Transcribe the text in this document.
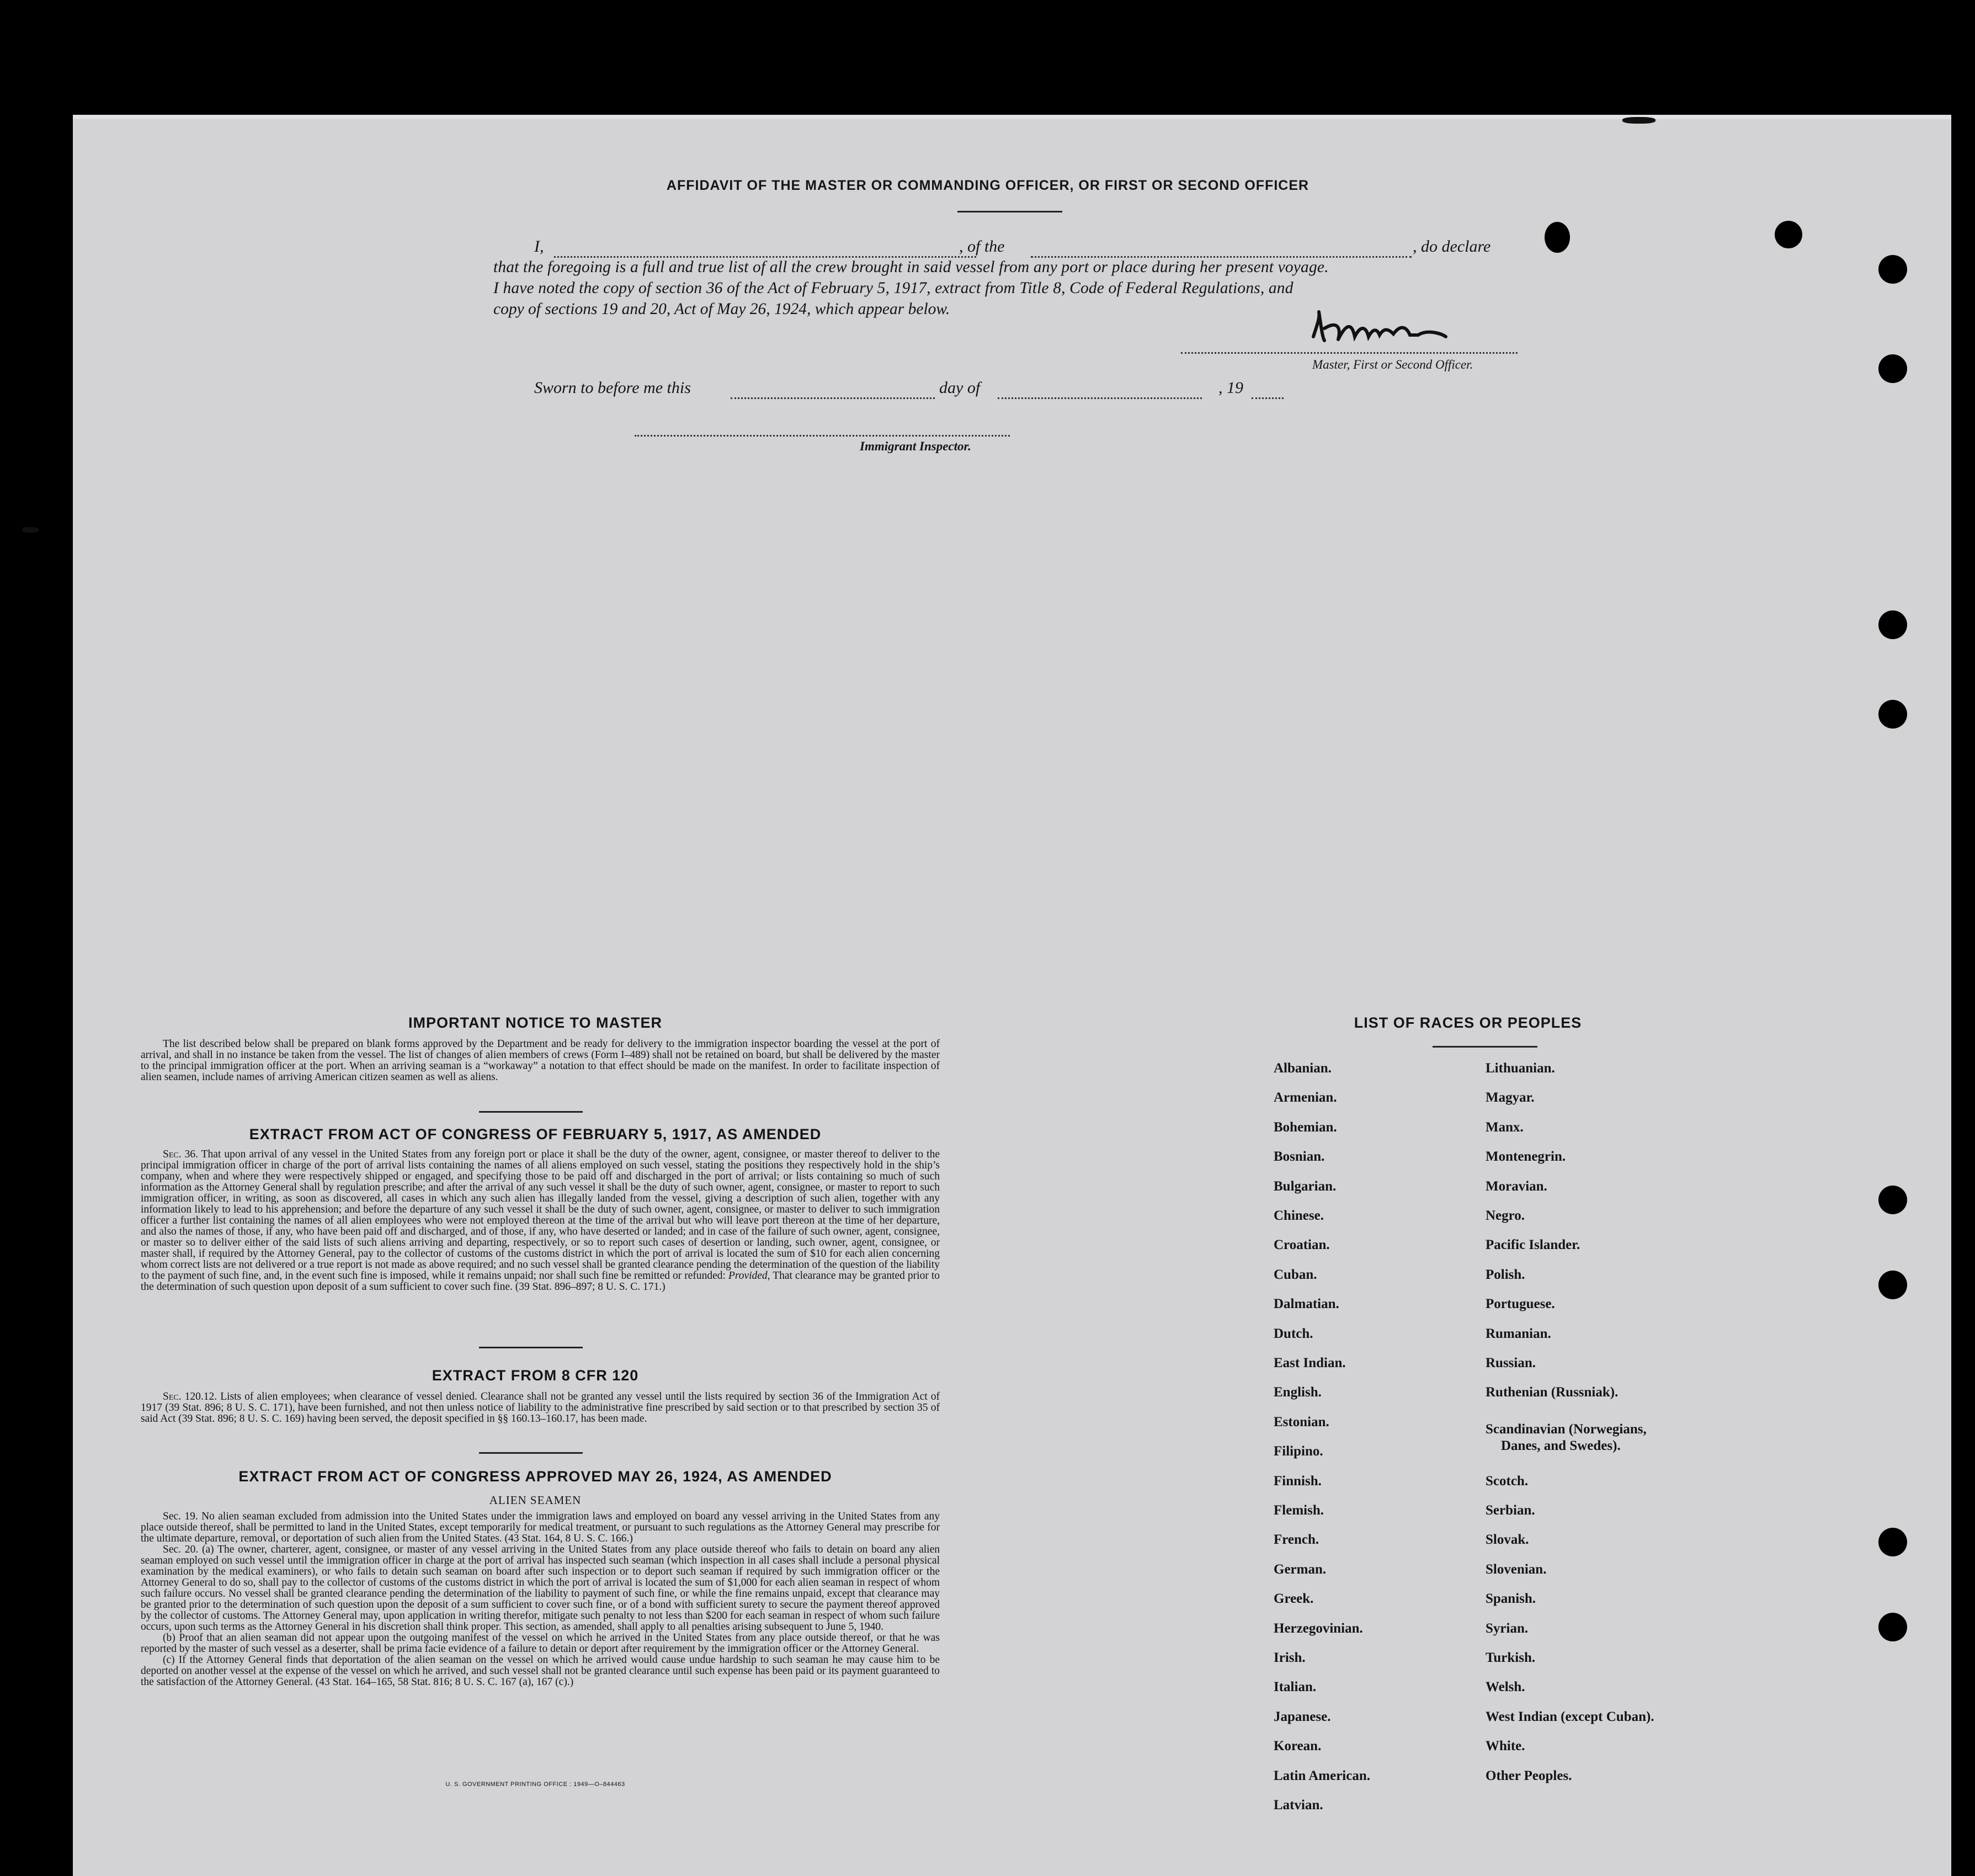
AFFIDAVIT OF THE MASTER OR COMMANDING OFFICER, OR FIRST OR SECOND OFFICER
I,	, of the	, do declare
that the foregoing is a full and true list of all the crew brought in said vessel from any port or place during her present voyage.
I have noted the copy of section 36 of the Act of February 5, 1917, extract from Title 8, Code of Federal Regulations, and
copy of sections 19 and 20, Act of May 26, 1924, which appear below.
Master, First or Second Officer.
Sworn to before me this	day of	, 19
Immigrant Inspector.
IMPORTANT NOTICE TO MASTER

The list described below shall be prepared on blank forms approved by the Department and be ready for delivery to the immigration inspector boarding the vessel at the port of arrival, and shall in no instance be taken from the vessel. The list of changes of alien members of crews (Form I–489) shall not be retained on board, but shall be delivered by the master to the principal immigration officer at the port. When an arriving seaman is a “workaway” a notation to that effect should be made on the manifest. In order to facilitate inspection of alien seamen, include names of arriving American citizen seamen as well as aliens.

EXTRACT FROM ACT OF CONGRESS OF FEBRUARY 5, 1917, AS AMENDED

Sec. 36. That upon arrival of any vessel in the United States from any foreign port or place it shall be the duty of the owner, agent, consignee, or master thereof to deliver to the principal immigration officer in charge of the port of arrival lists containing the names of all aliens employed on such vessel, stating the positions they respectively hold in the ship’s company, when and where they were respectively shipped or engaged, and specifying those to be paid off and discharged in the port of arrival; or lists containing so much of such information as the Attorney General shall by regulation prescribe; and after the arrival of any such vessel it shall be the duty of such owner, agent, consignee, or master to report to such immigration officer, in writing, as soon as discovered, all cases in which any such alien has illegally landed from the vessel, giving a description of such alien, together with any information likely to lead to his apprehension; and before the departure of any such vessel it shall be the duty of such owner, agent, consignee, or master to deliver to such immigration officer a further list containing the names of all alien employees who were not employed thereon at the time of the arrival but who will leave port thereon at the time of her departure, and also the names of those, if any, who have been paid off and discharged, and of those, if any, who have deserted or landed; and in case of the failure of such owner, agent, consignee, or master so to deliver either of the said lists of such aliens arriving and departing, respectively, or so to report such cases of desertion or landing, such owner, agent, consignee, or master shall, if required by the Attorney General, pay to the collector of customs of the customs district in which the port of arrival is located the sum of $10 for each alien concerning whom correct lists are not delivered or a true report is not made as above required; and no such vessel shall be granted clearance pending the determination of the question of the liability to the payment of such fine, and, in the event such fine is imposed, while it remains unpaid; nor shall such fine be remitted or refunded: Provided, That clearance may be granted prior to the determination of such question upon deposit of a sum sufficient to cover such fine. (39 Stat. 896–897; 8 U. S. C. 171.)

EXTRACT FROM 8 CFR 120

Sec. 120.12. Lists of alien employees; when clearance of vessel denied. Clearance shall not be granted any vessel until the lists required by section 36 of the Immigration Act of 1917 (39 Stat. 896; 8 U. S. C. 171), have been furnished, and not then unless notice of liability to the administrative fine prescribed by said section or to that prescribed by section 35 of said Act (39 Stat. 896; 8 U. S. C. 169) having been served, the deposit specified in §§ 160.13–160.17, has been made.

EXTRACT FROM ACT OF CONGRESS APPROVED MAY 26, 1924, AS AMENDED
ALIEN SEAMEN

Sec. 19. No alien seaman excluded from admission into the United States under the immigration laws and employed on board any vessel arriving in the United States from any place outside thereof, shall be permitted to land in the United States, except temporarily for medical treatment, or pursuant to such regulations as the Attorney General may prescribe for the ultimate departure, removal, or deportation of such alien from the United States. (43 Stat. 164, 8 U. S. C. 166.)

Sec. 20. (a) The owner, charterer, agent, consignee, or master of any vessel arriving in the United States from any place outside thereof who fails to detain on board any alien seaman employed on such vessel until the immigration officer in charge at the port of arrival has inspected such seaman (which inspection in all cases shall include a personal physical examination by the medical examiners), or who fails to detain such seaman on board after such inspection or to deport such seaman if required by such immigration officer or the Attorney General to do so, shall pay to the collector of customs of the customs district in which the port of arrival is located the sum of $1,000 for each alien seaman in respect of whom such failure occurs. No vessel shall be granted clearance pending the determination of the liability to payment of such fine, or while the fine remains unpaid, except that clearance may be granted prior to the determination of such question upon the deposit of a sum sufficient to cover such fine, or of a bond with sufficient surety to secure the payment thereof approved by the collector of customs. The Attorney General may, upon application in writing therefor, mitigate such penalty to not less than $200 for each seaman in respect of whom such failure occurs, upon such terms as the Attorney General in his discretion shall think proper. This section, as amended, shall apply to all penalties arising subsequent to June 5, 1940.

(b) Proof that an alien seaman did not appear upon the outgoing manifest of the vessel on which he arrived in the United States from any place outside thereof, or that he was reported by the master of such vessel as a deserter, shall be prima facie evidence of a failure to detain or deport after requirement by the immigration officer or the Attorney General.

(c) If the Attorney General finds that deportation of the alien seaman on the vessel on which he arrived would cause undue hardship to such seaman he may cause him to be deported on another vessel at the expense of the vessel on which he arrived, and such vessel shall not be granted clearance until such expense has been paid or its payment guaranteed to the satisfaction of the Attorney General. (43 Stat. 164–165, 58 Stat. 816; 8 U. S. C. 167 (a), 167 (c).)

U. S. GOVERNMENT PRINTING OFFICE : 1949—O–844463
LIST OF RACES OR PEOPLES
Albanian.
Armenian.
Bohemian.
Bosnian.
Bulgarian.
Chinese.
Croatian.
Cuban.
Dalmatian.
Dutch.
East Indian.
English.
Estonian.
Filipino.
Finnish.
Flemish.
French.
German.
Greek.
Herzegovinian.
Irish.
Italian.
Japanese.
Korean.
Latin American.
Latvian.
Lithuanian.
Magyar.
Manx.
Montenegrin.
Moravian.
Negro.
Pacific Islander.
Polish.
Portuguese.
Rumanian.
Russian.
Ruthenian (Russniak).
Scandinavian (Norwegians,
Danes, and Swedes).
Scotch.
Serbian.
Slovak.
Slovenian.
Spanish.
Syrian.
Turkish.
Welsh.
West Indian (except Cuban).
White.
Other Peoples.
